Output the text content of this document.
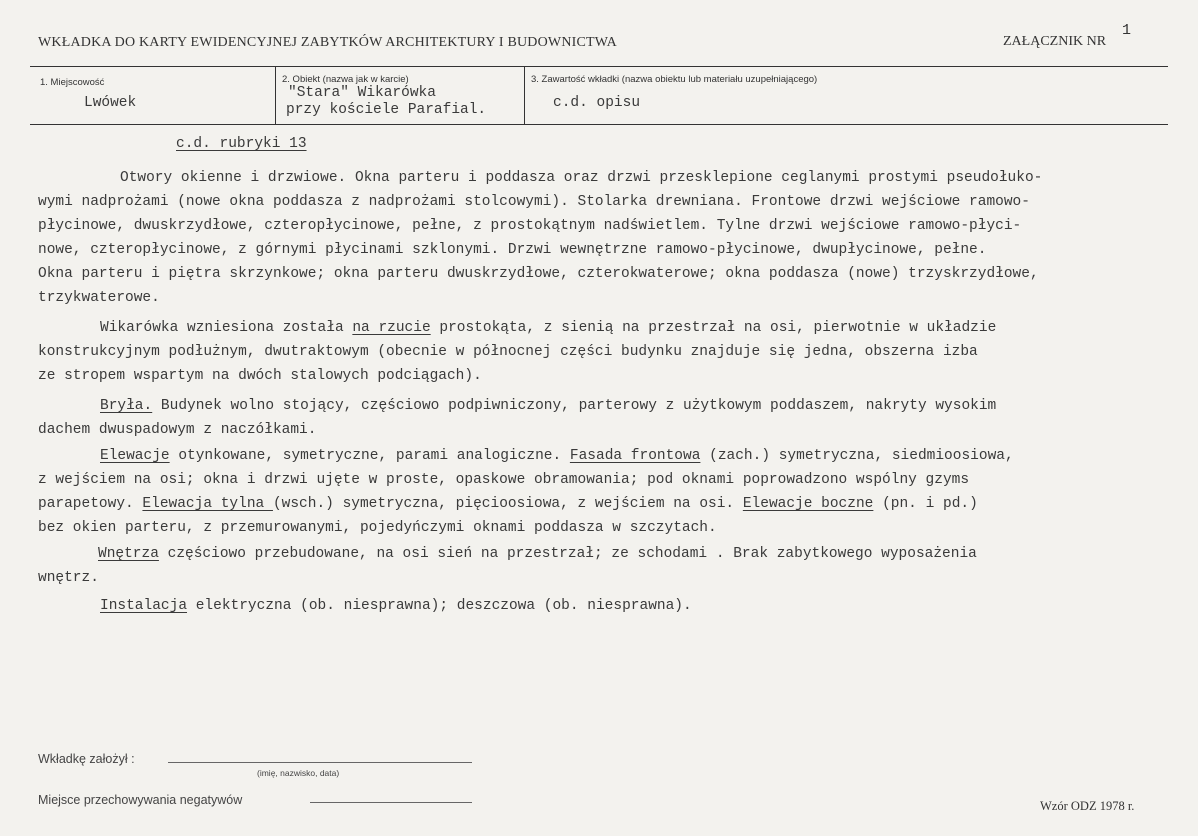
WKŁADKA DO KARTY EWIDENCYJNEJ ZABYTKÓW ARCHITEKTURY I BUDOWNICTWA	ZAŁĄCZNIK NR
1
1. Miejscowość
Lwówek
2. Obiekt (nazwa jak w karcie)
"Stara" Wikarówka
przy kościele Parafial.
3. Zawartość wkładki (nazwa obiektu lub materiału uzupełniającego)
c.d. opisu
c.d. rubryki 13
Otwory okienne i drzwiowe. Okna parteru i poddasza oraz drzwi przesklepione ceglanymi prostymi pseudołuko-
wymi nadprożami (nowe okna poddasza z nadprożami stolcowymi). Stolarka drewniana. Frontowe drzwi wejściowe ramowo-
płycinowe, dwuskrzydłowe, czteropłycinowe, pełne, z prostokątnym nadświetlem. Tylne drzwi wejściowe ramowo-płyci-
nowe, czteropłycinowe, z górnymi płycinami szklonymi. Drzwi wewnętrzne ramowo-płycinowe, dwupłycinowe, pełne.
Okna parteru i piętra skrzynkowe; okna parteru dwuskrzydłowe, czterokwaterowe; okna poddasza (nowe) trzyskrzydłowe,
trzykwaterowe.
Wikarówka wzniesiona została na rzucie prostokąta, z sienią na przestrzał na osi, pierwotnie w układzie
konstrukcyjnym podłużnym, dwutraktowym (obecnie w północnej części budynku znajduje się jedna, obszerna izba
ze stropem wspartym na dwóch stalowych podciągach).
Bryła. Budynek wolno stojący, częściowo podpiwniczony, parterowy z użytkowym poddaszem, nakryty wysokim
dachem dwuspadowym z naczółkami.
Elewacje otynkowane, symetryczne, parami analogiczne. Fasada frontowa (zach.) symetryczna, siedmioosiowa,
z wejściem na osi; okna i drzwi ujęte w proste, opaskowe obramowania; pod oknami poprowadzono wspólny gzyms
parapetowy. Elewacja tylna (wsch.) symetryczna, pięcioosiowa, z wejściem na osi. Elewacje boczne (pn. i pd.)
bez okien parteru, z przemurowanymi, pojedyńczymi oknami poddasza w szczytach.
Wnętrza częściowo przebudowane, na osi sień na przestrzał; ze schodami . Brak zabytkowego wyposażenia
wnętrz.
Instalacja elektryczna (ob. niesprawna); deszczowa (ob. niesprawna).
Wkładkę założył :
(imię, nazwisko, data)
Miejsce przechowywania negatywów	Wzór ODZ 1978 r.
